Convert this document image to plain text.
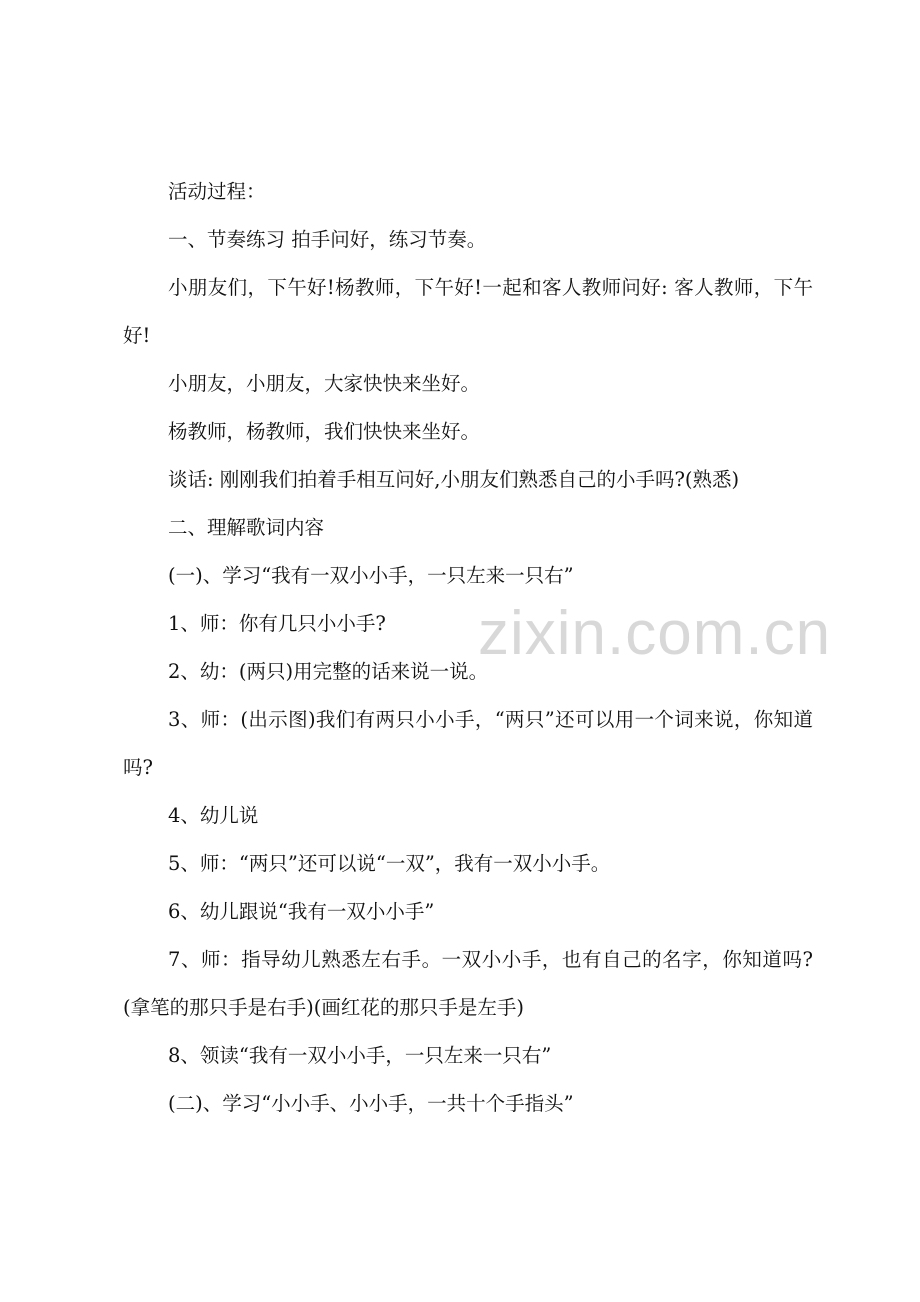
活动过程：

一、节奏练习 拍手问好，练习节奏。

小朋友们，下午好!杨教师，下午好!一起和客人教师问好: 客人教师，下午好!

小朋友，小朋友，大家快快来坐好。

杨教师，杨教师，我们快快来坐好。

谈话: 刚刚我们拍着手相互问好,小朋友们熟悉自己的小手吗?(熟悉)

二、理解歌词内容

(一)、学习“我有一双小小手，一只左来一只右”

1、师：你有几只小小手?

2、幼：(两只)用完整的话来说一说。

3、师：(出示图)我们有两只小小手，“两只”还可以用一个词来说，你知道吗?

4、幼儿说

5、师：“两只”还可以说“一双”，我有一双小小手。

6、幼儿跟说“我有一双小小手”

7、师：指导幼儿熟悉左右手。一双小小手，也有自己的名字，你知道吗?(拿笔的那只手是右手)(画红花的那只手是左手)

8、领读“我有一双小小手，一只左来一只右”

(二)、学习“小小手、小小手，一共十个手指头”

zixin.com.cn
